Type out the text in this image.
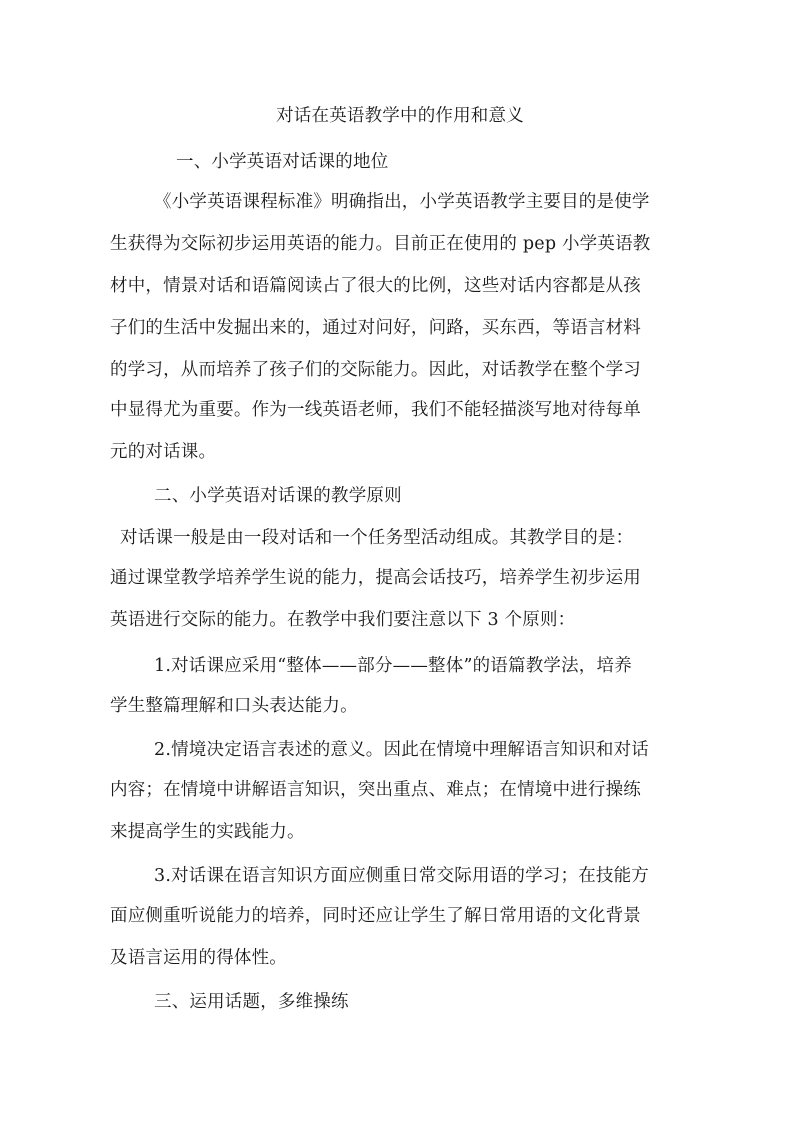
对话在英语教学中的作用和意义
一、小学英语对话课的地位
《小学英语课程标准》明确指出，小学英语教学主要目的是使学
生获得为交际初步运用英语的能力。目前正在使用的 pep 小学英语教
材中，情景对话和语篇阅读占了很大的比例，这些对话内容都是从孩
子们的生活中发掘出来的，通过对问好，问路，买东西，等语言材料
的学习，从而培养了孩子们的交际能力。因此，对话教学在整个学习
中显得尤为重要。作为一线英语老师，我们不能轻描淡写地对待每单
元的对话课。
二、小学英语对话课的教学原则
对话课一般是由一段对话和一个任务型活动组成。其教学目的是：
通过课堂教学培养学生说的能力，提高会话技巧，培养学生初步运用
英语进行交际的能力。在教学中我们要注意以下 3 个原则：
1.对话课应采用“整体——部分——整体”的语篇教学法，培养
学生整篇理解和口头表达能力。
2.情境决定语言表述的意义。因此在情境中理解语言知识和对话
内容；在情境中讲解语言知识，突出重点、难点；在情境中进行操练
来提高学生的实践能力。
3.对话课在语言知识方面应侧重日常交际用语的学习；在技能方
面应侧重听说能力的培养，同时还应让学生了解日常用语的文化背景
及语言运用的得体性。
三、运用话题，多维操练
